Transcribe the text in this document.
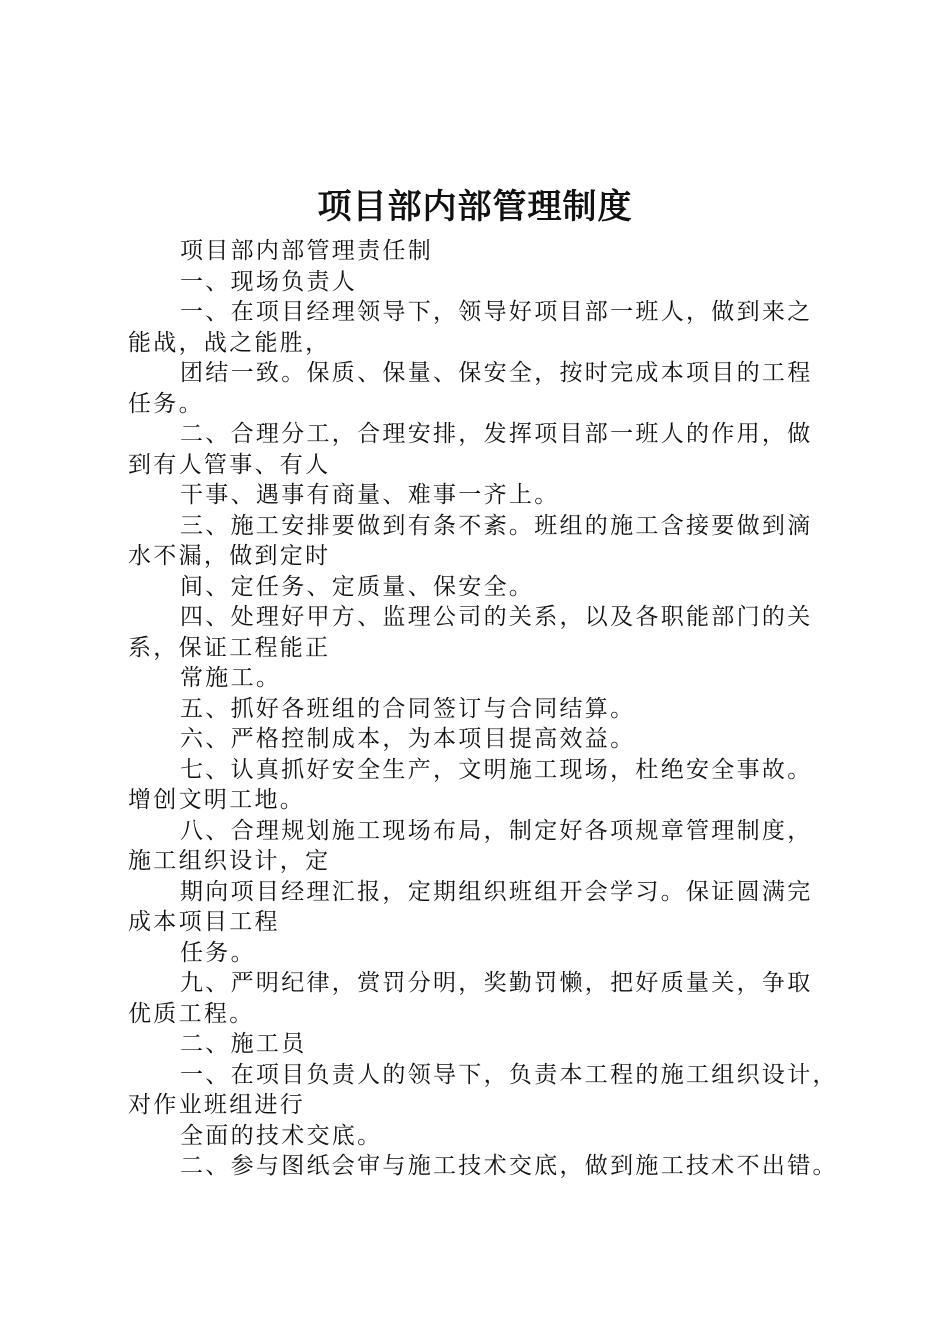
项目部内部管理制度

项目部内部管理责任制

一、现场负责人

一、在项目经理领导下，领导好项目部一班人，做到来之
能战，战之能胜，

团结一致。保质、保量、保安全，按时完成本项目的工程
任务。

二、合理分工，合理安排，发挥项目部一班人的作用，做
到有人管事、有人

干事、遇事有商量、难事一齐上。

三、施工安排要做到有条不紊。班组的施工含接要做到滴
水不漏，做到定时

间、定任务、定质量、保安全。

四、处理好甲方、监理公司的关系，以及各职能部门的关
系，保证工程能正

常施工。

五、抓好各班组的合同签订与合同结算。

六、严格控制成本，为本项目提高效益。

七、认真抓好安全生产，文明施工现场，杜绝安全事故。
增创文明工地。

八、合理规划施工现场布局，制定好各项规章管理制度，
施工组织设计，定

期向项目经理汇报，定期组织班组开会学习。保证圆满完
成本项目工程

任务。

九、严明纪律，赏罚分明，奖勤罚懒，把好质量关，争取
优质工程。

二、施工员

一、在项目负责人的领导下，负责本工程的施工组织设计，
对作业班组进行

全面的技术交底。

二、参与图纸会审与施工技术交底，做到施工技术不出错。
